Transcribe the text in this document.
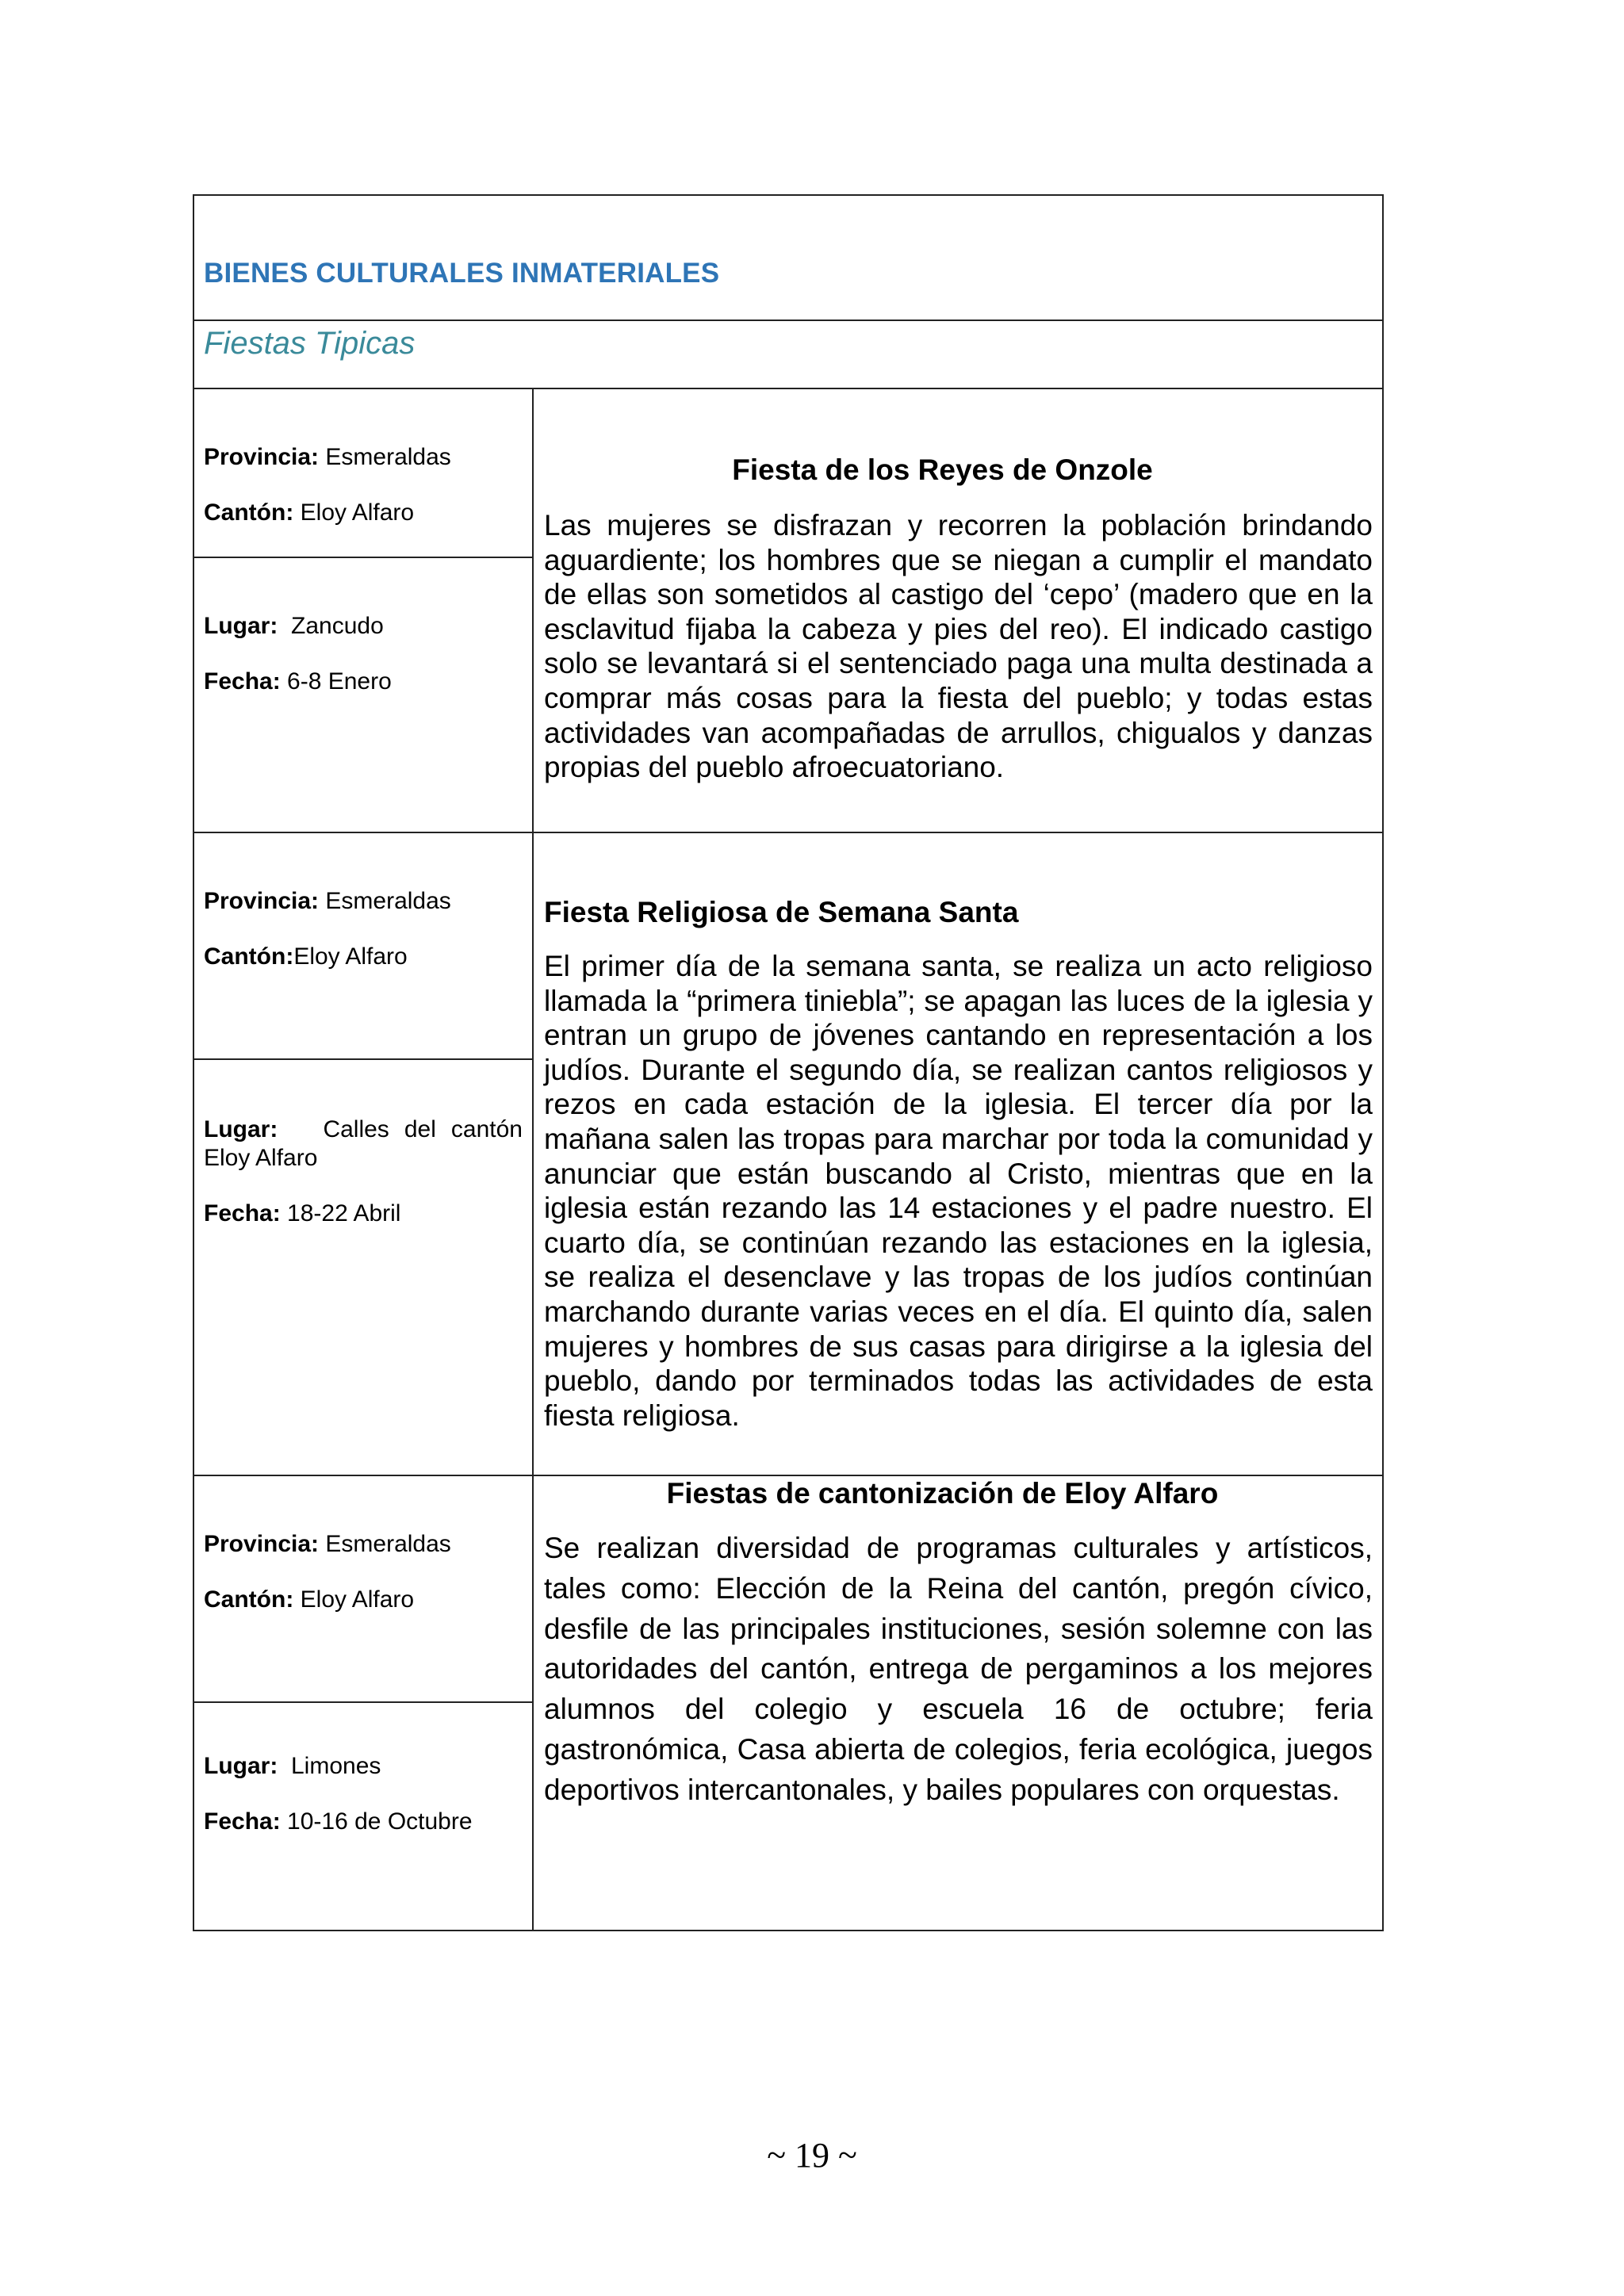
BIENES CULTURALES INMATERIALES
Fiestas Tipicas

Provincia: Esmeraldas

Cantón: Eloy Alfaro

Lugar: Zancudo

Fecha: 6-8 Enero

Fiesta de los Reyes de Onzole

Las mujeres se disfrazan y recorren la población brindando aguardiente; los hombres que se niegan a cumplir el mandato de ellas son sometidos al castigo del ‘cepo’ (madero que en la esclavitud fijaba la cabeza y pies del reo). El indicado castigo solo se levantará si el sentenciado paga una multa destinada a comprar más cosas para la fiesta del pueblo; y todas estas actividades van acompañadas de arrullos, chigualos y danzas propias del pueblo afroecuatoriano.

Provincia: Esmeraldas

Cantón:Eloy Alfaro

Lugar: Calles del cantón Eloy Alfaro

Fecha: 18-22 Abril

Fiesta Religiosa de Semana Santa

El primer día de la semana santa, se realiza un acto religioso llamada la “primera tiniebla”; se apagan las luces de la iglesia y entran un grupo de jóvenes cantando en representación a los judíos. Durante el segundo día, se realizan cantos religiosos y rezos en cada estación de la iglesia. El tercer día por la mañana salen las tropas para marchar por toda la comunidad y anunciar que están buscando al Cristo, mientras que en la iglesia están rezando las 14 estaciones y el padre nuestro. El cuarto día, se continúan rezando las estaciones en la iglesia, se realiza el desenclave y las tropas de los judíos continúan marchando durante varias veces en el día. El quinto día, salen mujeres y hombres de sus casas para dirigirse a la iglesia del pueblo, dando por terminados todas las actividades de esta fiesta religiosa.

Provincia: Esmeraldas

Cantón: Eloy Alfaro

Lugar: Limones

Fecha: 10-16 de Octubre

Fiestas de cantonización de Eloy Alfaro

Se realizan diversidad de programas culturales y artísticos, tales como: Elección de la Reina del cantón, pregón cívico, desfile de las principales instituciones, sesión solemne con las autoridades del cantón, entrega de pergaminos a los mejores alumnos del colegio y escuela 16 de octubre; feria gastronómica, Casa abierta de colegios, feria ecológica, juegos deportivos intercantonales, y bailes populares con orquestas.

~ 19 ~
